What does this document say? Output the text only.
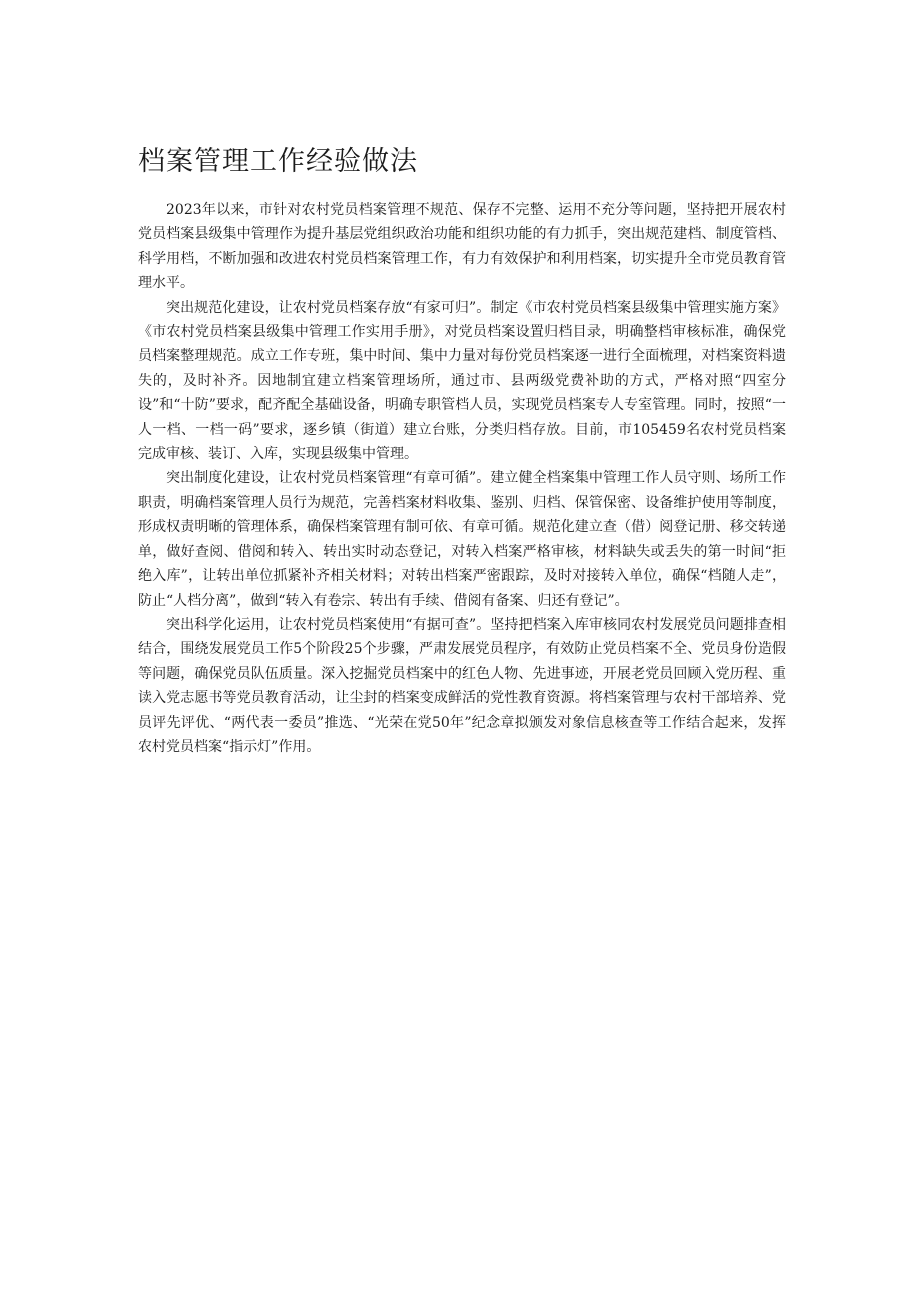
档案管理工作经验做法

2023年以来，市针对农村党员档案管理不规范、保存不完整、运用不充分等问题，坚持把开展农村党员档案县级集中管理作为提升基层党组织政治功能和组织功能的有力抓手，突出规范建档、制度管档、科学用档，不断加强和改进农村党员档案管理工作，有力有效保护和利用档案，切实提升全市党员教育管理水平。

突出规范化建设，让农村党员档案存放“有家可归”。制定《市农村党员档案县级集中管理实施方案》《市农村党员档案县级集中管理工作实用手册》，对党员档案设置归档目录，明确整档审核标准，确保党员档案整理规范。成立工作专班，集中时间、集中力量对每份党员档案逐一进行全面梳理，对档案资料遗失的，及时补齐。因地制宜建立档案管理场所，通过市、县两级党费补助的方式，严格对照“四室分设”和“十防”要求，配齐配全基础设备，明确专职管档人员，实现党员档案专人专室管理。同时，按照“一人一档、一档一码”要求，逐乡镇（街道）建立台账，分类归档存放。目前，市105459名农村党员档案完成审核、装订、入库，实现县级集中管理。

突出制度化建设，让农村党员档案管理“有章可循”。建立健全档案集中管理工作人员守则、场所工作职责，明确档案管理人员行为规范，完善档案材料收集、鉴别、归档、保管保密、设备维护使用等制度，形成权责明晰的管理体系，确保档案管理有制可依、有章可循。规范化建立查（借）阅登记册、移交转递单，做好查阅、借阅和转入、转出实时动态登记，对转入档案严格审核，材料缺失或丢失的第一时间“拒绝入库”，让转出单位抓紧补齐相关材料；对转出档案严密跟踪，及时对接转入单位，确保“档随人走”，防止“人档分离”，做到“转入有卷宗、转出有手续、借阅有备案、归还有登记”。

突出科学化运用，让农村党员档案使用“有据可查”。坚持把档案入库审核同农村发展党员问题排查相结合，围绕发展党员工作5个阶段25个步骤，严肃发展党员程序，有效防止党员档案不全、党员身份造假等问题，确保党员队伍质量。深入挖掘党员档案中的红色人物、先进事迹，开展老党员回顾入党历程、重读入党志愿书等党员教育活动，让尘封的档案变成鲜活的党性教育资源。将档案管理与农村干部培养、党员评先评优、“两代表一委员”推选、“光荣在党50年”纪念章拟颁发对象信息核查等工作结合起来，发挥农村党员档案“指示灯”作用。
